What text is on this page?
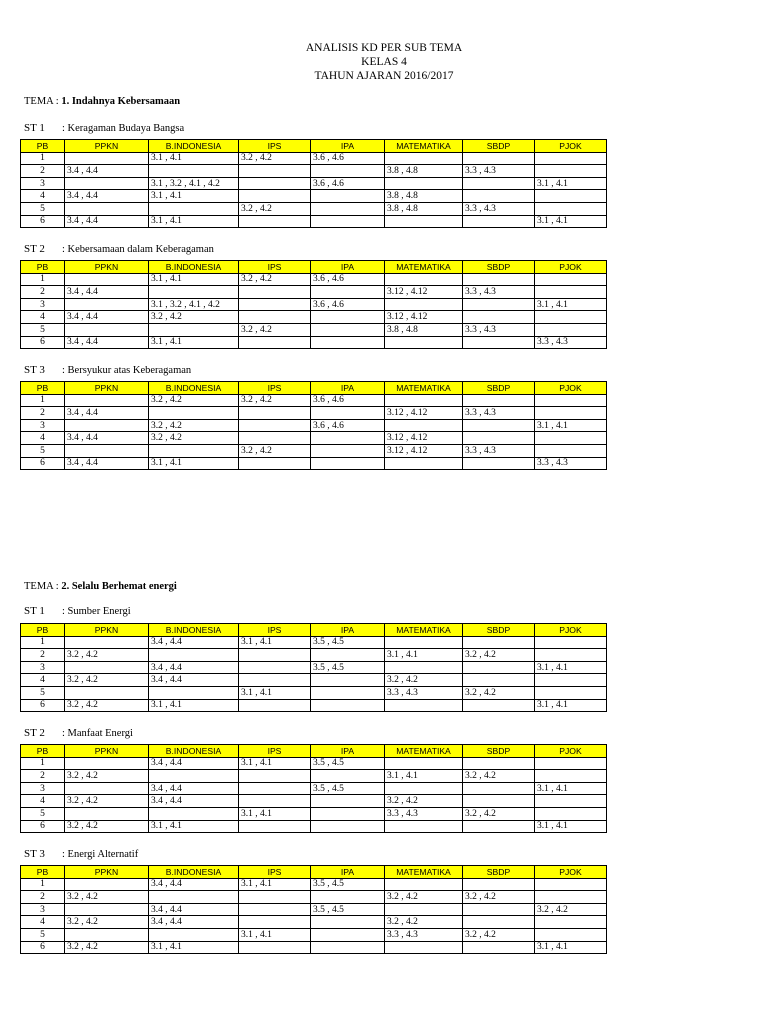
ANALISIS KD PER SUB TEMA
KELAS 4
TAHUN AJARAN 2016/2017
TEMA : 1. Indahnya Kebersamaan
ST 1 : Keragaman Budaya Bangsa
PB	PPKN	B.INDONESIA	IPS	IPA	MATEMATIKA	SBDP	PJOK
1		3.1 , 4.1	3.2 , 4.2	3.6 , 4.6			
2	3.4 , 4.4				3.8 , 4.8	3.3 , 4.3	
3		3.1 , 3.2 , 4.1 , 4.2		3.6 , 4.6			3.1 , 4.1
4	3.4 , 4.4	3.1 , 4.1			3.8 , 4.8		
5			3.2 , 4.2		3.8 , 4.8	3.3 , 4.3	
6	3.4 , 4.4	3.1 , 4.1					3.1 , 4.1
ST 2 : Kebersamaan dalam Keberagaman
PB	PPKN	B.INDONESIA	IPS	IPA	MATEMATIKA	SBDP	PJOK
1		3.1 , 4.1	3.2 , 4.2	3.6 , 4.6			
2	3.4 , 4.4				3.12 , 4.12	3.3 , 4.3	
3		3.1 , 3.2 , 4.1 , 4.2		3.6 , 4.6			3.1 , 4.1
4	3.4 , 4.4	3.2 , 4.2			3.12 , 4.12		
5			3.2 , 4.2		3.8 , 4.8	3.3 , 4.3	
6	3.4 , 4.4	3.1 , 4.1					3.3 , 4.3
ST 3 : Bersyukur atas Keberagaman
PB	PPKN	B.INDONESIA	IPS	IPA	MATEMATIKA	SBDP	PJOK
1		3.2 , 4.2	3.2 , 4.2	3.6 , 4.6			
2	3.4 , 4.4				3.12 , 4.12	3.3 , 4.3	
3		3.2 , 4.2		3.6 , 4.6			3.1 , 4.1
4	3.4 , 4.4	3.2 , 4.2			3.12 , 4.12		
5			3.2 , 4.2		3.12 , 4.12	3.3 , 4.3	
6	3.4 , 4.4	3.1 , 4.1					3.3 , 4.3
TEMA : 2. Selalu Berhemat energi
ST 1 : Sumber Energi
PB	PPKN	B.INDONESIA	IPS	IPA	MATEMATIKA	SBDP	PJOK
1		3.4 , 4.4	3.1 , 4.1	3.5 , 4.5			
2	3.2 , 4.2				3.1 , 4.1	3.2 , 4.2	
3		3.4 , 4.4		3.5 , 4.5			3.1 , 4.1
4	3.2 , 4.2	3.4 , 4.4			3.2 , 4.2		
5			3.1 , 4.1		3.3 , 4.3	3.2 , 4.2	
6	3.2 , 4.2	3.1 , 4.1					3.1 , 4.1
ST 2 : Manfaat Energi
PB	PPKN	B.INDONESIA	IPS	IPA	MATEMATIKA	SBDP	PJOK
1		3.4 , 4.4	3.1 , 4.1	3.5 , 4.5			
2	3.2 , 4.2				3.1 , 4.1	3.2 , 4.2	
3		3.4 , 4.4		3.5 , 4.5			3.1 , 4.1
4	3.2 , 4.2	3.4 , 4.4			3.2 , 4.2		
5			3.1 , 4.1		3.3 , 4.3	3.2 , 4.2	
6	3.2 , 4.2	3.1 , 4.1					3.1 , 4.1
ST 3 : Energi Alternatif
PB	PPKN	B.INDONESIA	IPS	IPA	MATEMATIKA	SBDP	PJOK
1		3.4 , 4.4	3.1 , 4.1	3.5 , 4.5			
2	3.2 , 4.2				3.2 , 4.2	3.2 , 4.2	
3		3.4 , 4.4		3.5 , 4.5			3.2 , 4.2
4	3.2 , 4.2	3.4 , 4.4			3.2 , 4.2		
5			3.1 , 4.1		3.3 , 4.3	3.2 , 4.2	
6	3.2 , 4.2	3.1 , 4.1					3.1 , 4.1
